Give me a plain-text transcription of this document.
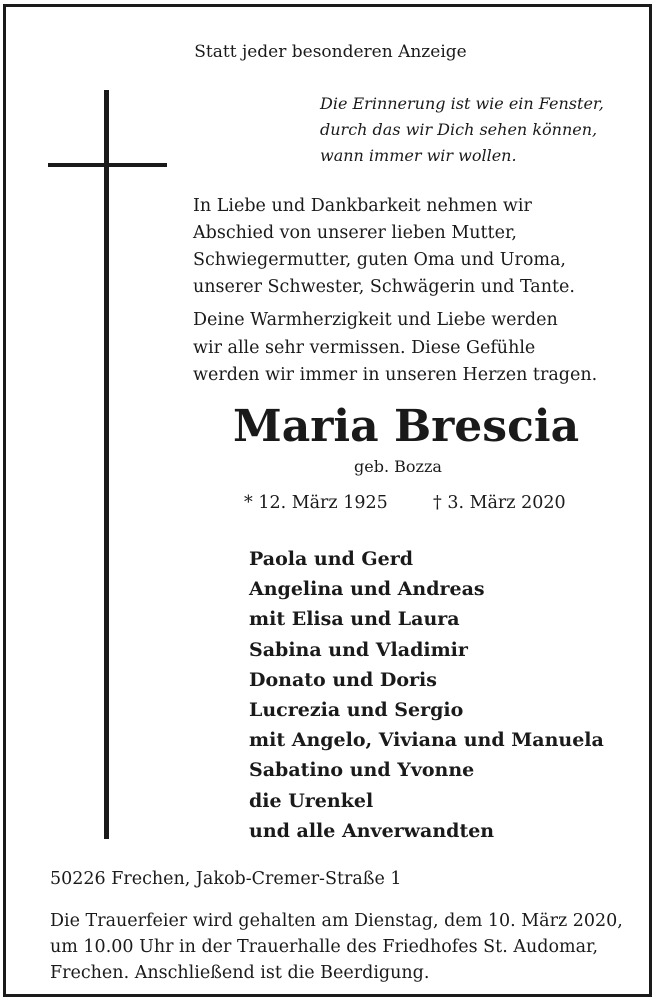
Statt jeder besonderen Anzeige
Die Erinnerung ist wie ein Fenster,
durch das wir Dich sehen können,
wann immer wir wollen.
In Liebe und Dankbarkeit nehmen wir
Abschied von unserer lieben Mutter,
Schwiegermutter, guten Oma und Uroma,
unserer Schwester, Schwägerin und Tante.
Deine Warmherzigkeit und Liebe werden
wir alle sehr vermissen. Diese Gefühle
werden wir immer in unseren Herzen tragen.
Maria Brescia
geb. Bozza
* 12. März 1925	† 3. März 2020
Paola und Gerd
Angelina und Andreas
mit Elisa und Laura
Sabina und Vladimir
Donato und Doris
Lucrezia und Sergio
mit Angelo, Viviana und Manuela
Sabatino und Yvonne
die Urenkel
und alle Anverwandten
50226 Frechen, Jakob-Cremer-Straße 1
Die Trauerfeier wird gehalten am Dienstag, dem 10. März 2020,
um 10.00 Uhr in der Trauerhalle des Friedhofes St. Audomar,
Frechen. Anschließend ist die Beerdigung.
